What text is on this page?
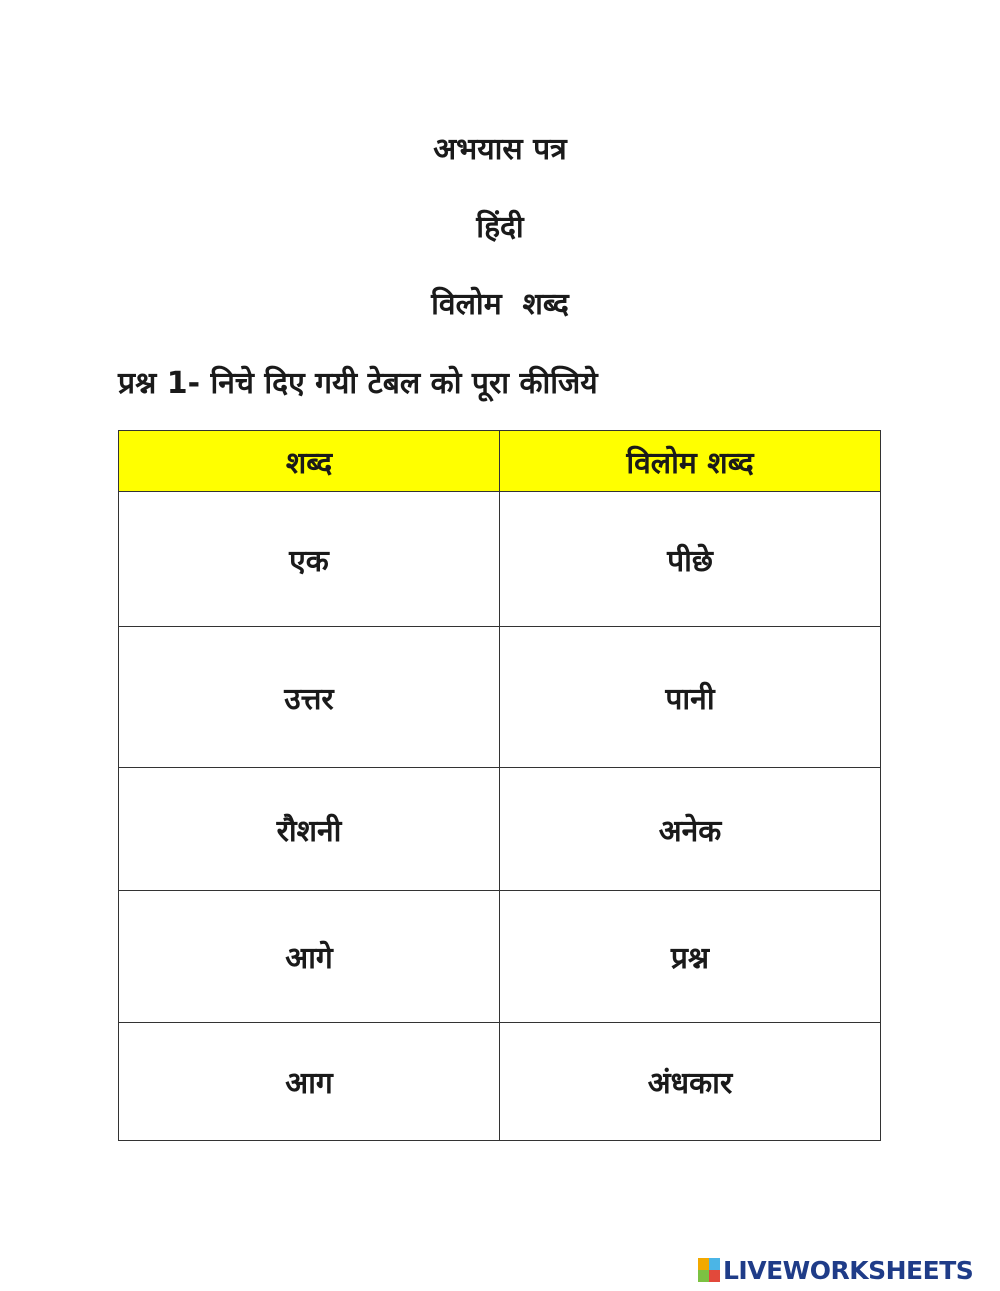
अभयास पत्र
हिंदी
विलोम  शब्द
प्रश्न 1- निचे दिए गयी टेबल को पूरा कीजिये
शब्द	विलोम शब्द
एक	पीछे
उत्तर	पानी
रौशनी	अनेक
आगे	प्रश्न
आग	अंधकार
LIVEWORKSHEETS
